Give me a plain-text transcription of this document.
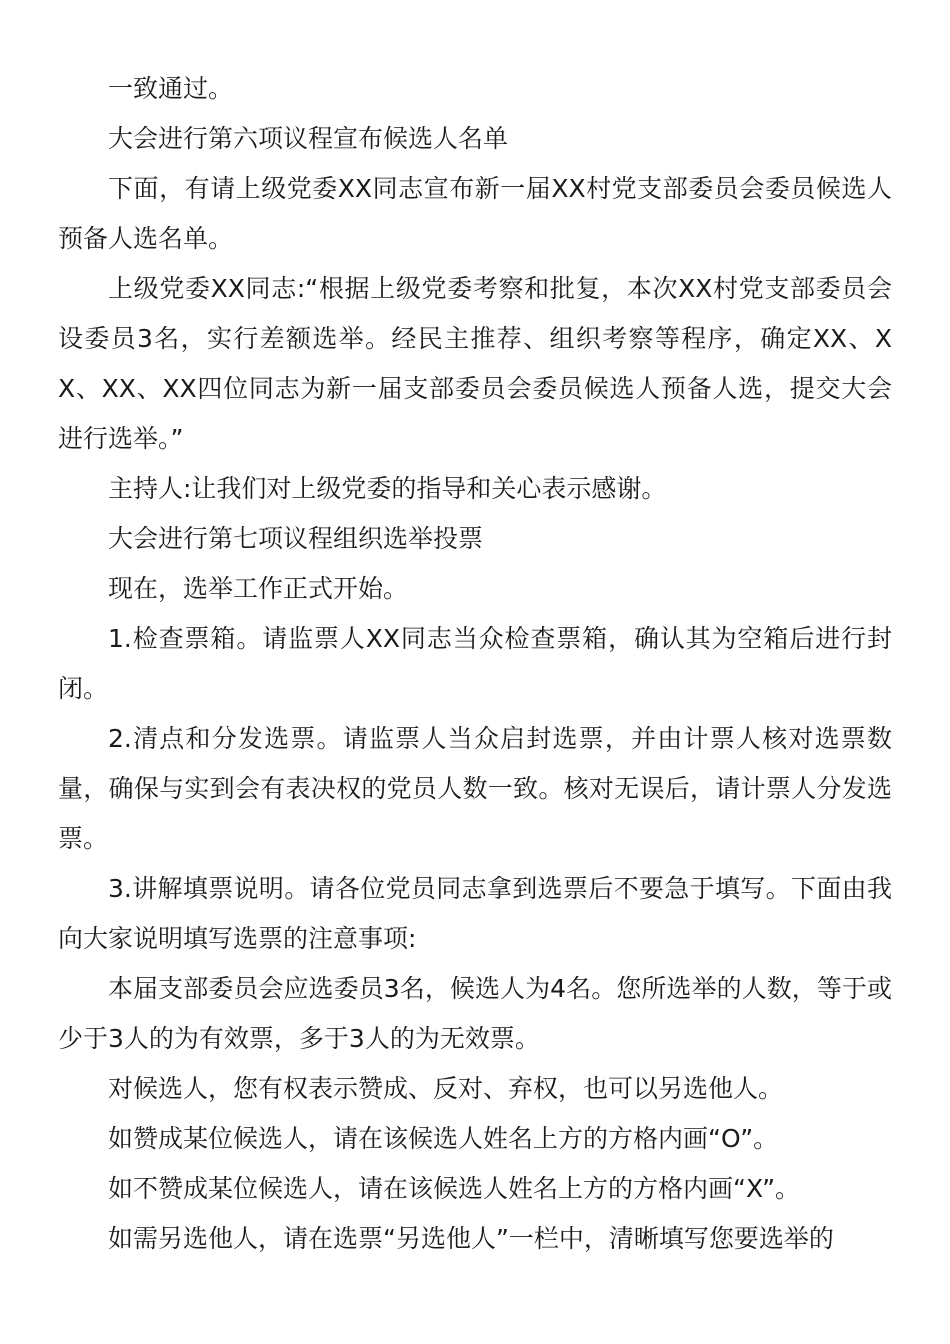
一致通过。

大会进行第六项议程宣布候选人名单

下面，有请上级党委XX同志宣布新一届XX村党支部委员会委员候选人预备人选名单。

上级党委XX同志:“根据上级党委考察和批复，本次XX村党支部委员会设委员3名，实行差额选举。经民主推荐、组织考察等程序，确定XX、XX、XX、XX四位同志为新一届支部委员会委员候选人预备人选，提交大会进行选举。”

主持人:让我们对上级党委的指导和关心表示感谢。

大会进行第七项议程组织选举投票

现在，选举工作正式开始。

1.检查票箱。请监票人XX同志当众检查票箱，确认其为空箱后进行封闭。

2.清点和分发选票。请监票人当众启封选票，并由计票人核对选票数量，确保与实到会有表决权的党员人数一致。核对无误后，请计票人分发选票。

3.讲解填票说明。请各位党员同志拿到选票后不要急于填写。下面由我向大家说明填写选票的注意事项:

本届支部委员会应选委员3名，候选人为4名。您所选举的人数，等于或少于3人的为有效票，多于3人的为无效票。

对候选人，您有权表示赞成、反对、弃权，也可以另选他人。

如赞成某位候选人，请在该候选人姓名上方的方格内画“O”。

如不赞成某位候选人，请在该候选人姓名上方的方格内画“X”。

如需另选他人，请在选票“另选他人”一栏中，清晰填写您要选举的
